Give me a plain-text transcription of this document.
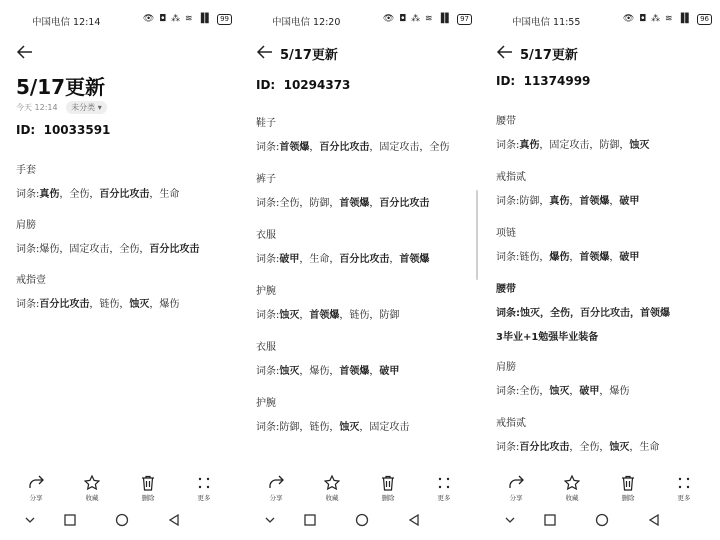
中国电信 12:14	👁 ◘ ⁂ ≋ ▐▌ 99
5/17更新
今天 12:14 未分类 ▾
ID: 10033591
手套
词条:真伤，全伤，百分比攻击，生命
肩膀
词条:爆伤，固定攻击，全伤，百分比攻击
戒指壹
词条:百分比攻击，链伤，蚀灭，爆伤
中国电信 12:20	👁 ◘ ⁂ ≋ ▐▌ 97
5/17更新
ID: 10294373
鞋子
词条:首领爆，百分比攻击，固定攻击，全伤
裤子
词条:全伤，防御，首领爆，百分比攻击
衣服
词条:破甲，生命，百分比攻击，首领爆
护腕
词条:蚀灭，首领爆，链伤，防御
衣服
词条:蚀灭，爆伤，首领爆，破甲
护腕
词条:防御，链伤，蚀灭，固定攻击
中国电信 11:55	👁 ◘ ⁂ ≋ ▐▌ 96
5/17更新
ID: 11374999
腰带
词条:真伤，固定攻击，防御，蚀灭
戒指贰
词条:防御，真伤，首领爆，破甲
项链
词条:链伤，爆伤，首领爆，破甲
腰带
词条:蚀灭，全伤，百分比攻击，首领爆
3毕业+1勉强毕业装备
肩膀
词条:全伤，蚀灭，破甲，爆伤
戒指贰
词条:百分比攻击，全伤，蚀灭，生命
分享	收藏	删除	更多	分享	收藏	删除	更多	分享	收藏	删除	更多
